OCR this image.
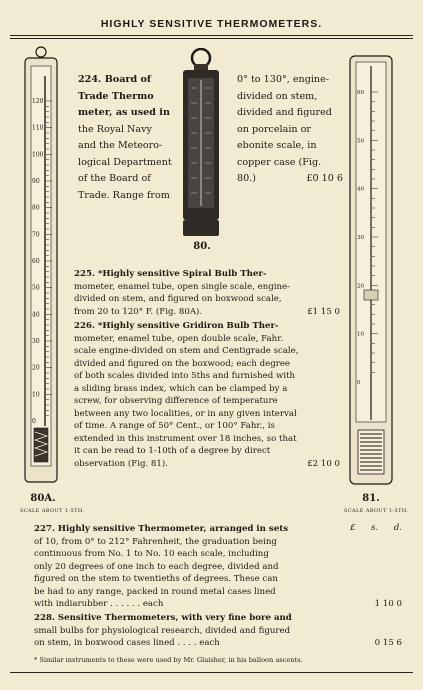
HIGHLY SENSITIVE THERMOMETERS.
120
110
100
90
80
70
60
50
40
30
20
10
0
80A.
SCALE ABOUT 1-5TH.
80.
60
50
40
30
20
10
0
81.
SCALE ABOUT 1-5TH.
224. Board of
Trade Thermo
meter, as used in
the Royal Navy
and the Meteoro-
logical Department
of the Board of
Trade. Range from
0° to 130°, engine-
divided on stem,
divided and figured
on porcelain or
ebonite scale, in
copper case (Fig.
80.)	£0 10 6
225. *Highly sensitive Spiral Bulb Ther-
mometer, enamel tube, open single scale, engine-
divided on stem, and figured on boxwood scale,
from 20 to 120° F. (Fig. 80A).	£1 15 0
226. *Highly sensitive Gridiron Bulb Ther-
mometer, enamel tube, open double scale, Fahr.
scale engine-divided on stem and Centigrade scale,
divided and figured on the boxwood; each degree
of both scales divided into 5ths and furnished with
a sliding brass index, which can be clamped by a
screw, for observing difference of temperature
between any two localities, or in any given interval
of time. A range of 50° Cent., or 100° Fahr., is
extended in this instrument over 18 inches, so that
it can be read to 1-10th of a degree by direct
observation (Fig. 81).	£2 10 0
£ s. d.
227. Highly sensitive Thermometer, arranged in sets
of 10, from 0° to 212° Fahrenheit, the graduation being
continuous from No. 1 to No. 10 each scale, including
only 20 degrees of one inch to each degree, divided and
figured on the stem to twentieths of degrees. These can
be had to any range, packed in round metal cases lined
with indiarubber . . . . . . each	1 10 0
228. Sensitive Thermometers, with very fine bore and
small bulbs for physiological research, divided and figured
on stem, in boxwood cases lined . . . . each	0 15 6
* Similar instruments to these were used by Mr. Glaisher, in his balloon ascents.
